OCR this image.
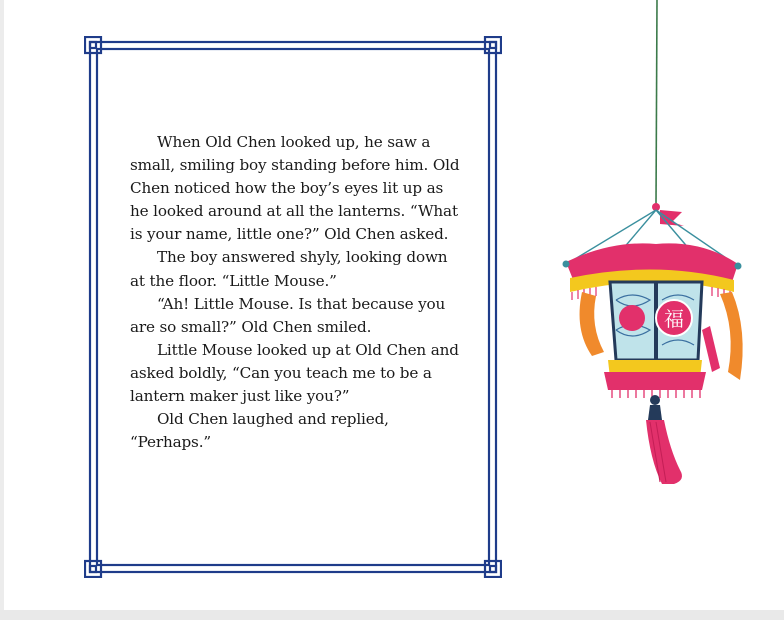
When Old Chen looked up, he saw a small, smiling boy standing before him. Old Chen noticed how the boy’s eyes lit up as he looked around at all the lanterns. “What is your name, little one?” Old Chen asked.

The boy answered shyly, looking down at the floor. “Little Mouse.”

“Ah! Little Mouse. Is that because you are so small?” Old Chen smiled.

Little Mouse looked up at Old Chen and asked boldly, “Can you teach me to be a lantern maker just like you?”

Old Chen laughed and replied, “Perhaps.”

福
